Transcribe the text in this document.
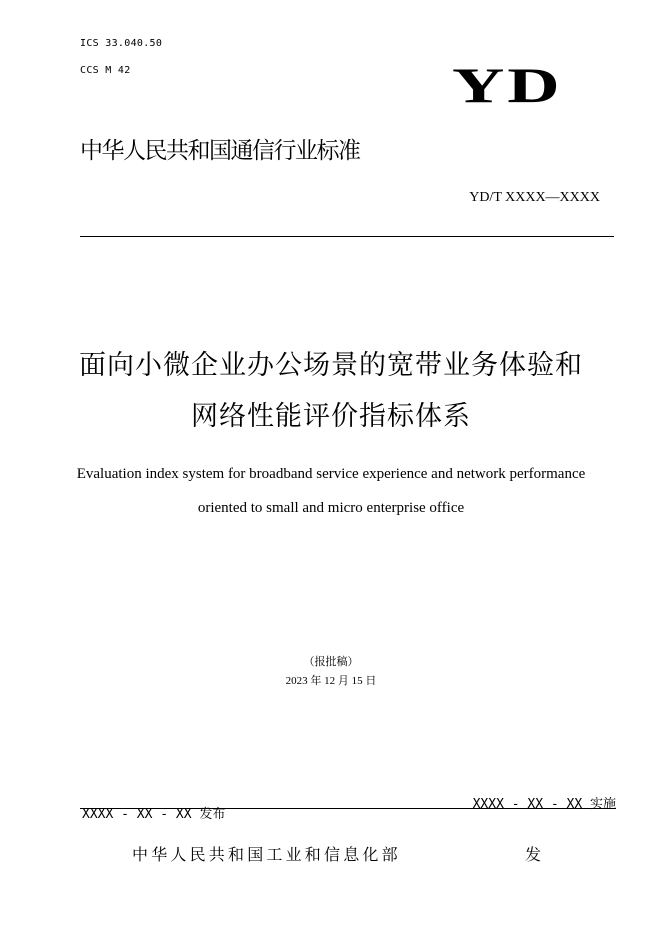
ICS 33.040.50
CCS M 42	YD
中华人民共和国通信行业标准
YD/T XXXX—XXXX
面向小微企业办公场景的宽带业务体验和
网络性能评价指标体系
Evaluation index system for broadband service experience and network performance
oriented to small and micro enterprise office
（报批稿）
2023 年 12 月 15 日
XXXX - XX - XX 实施
XXXX - XX - XX 发布
中华人民共和国工业和信息化部	发
